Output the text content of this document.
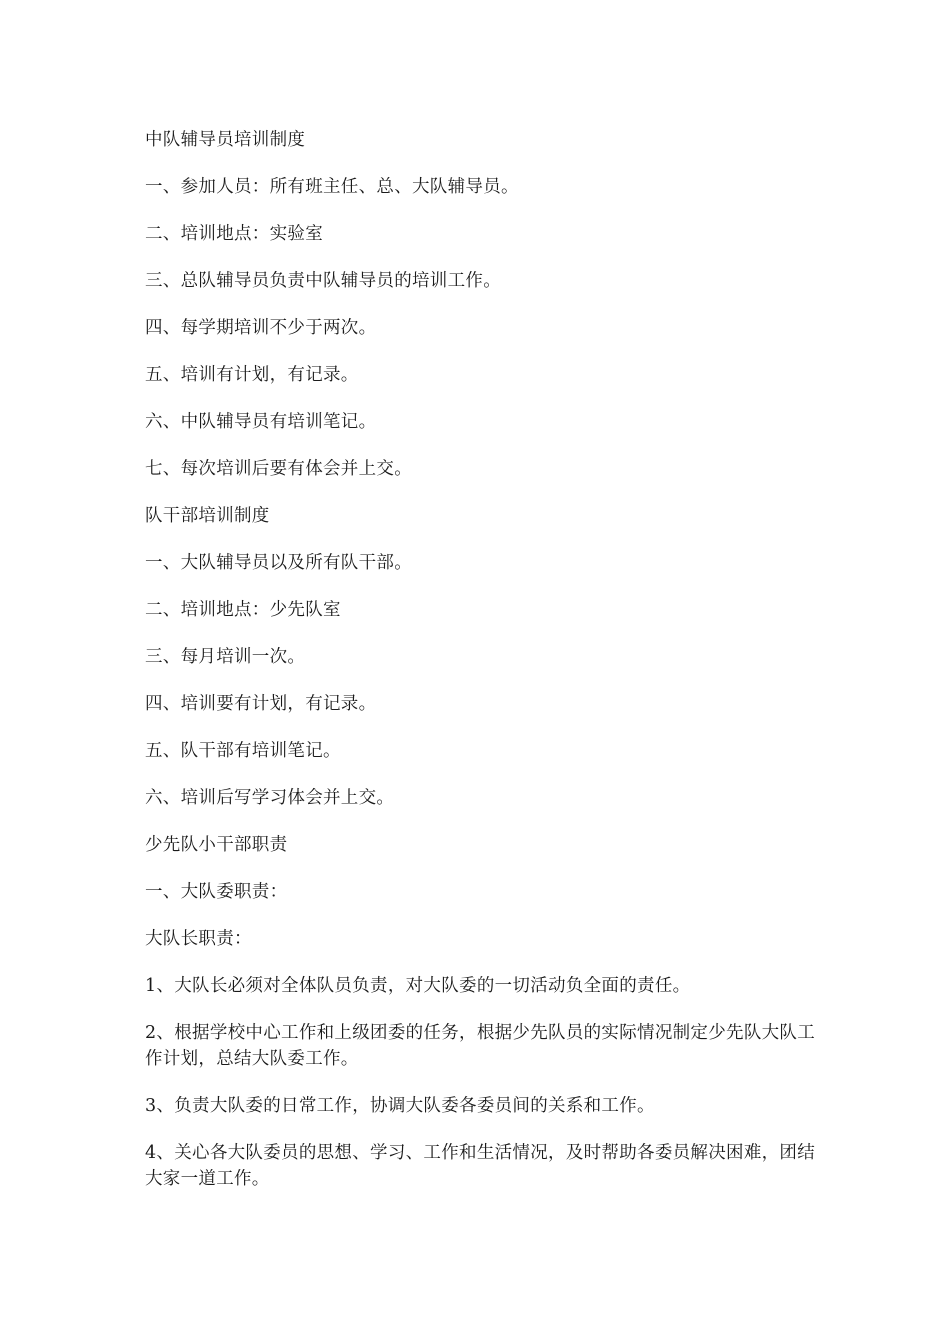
中队辅导员培训制度

一、参加人员：所有班主任、总、大队辅导员。

二、培训地点：实验室

三、总队辅导员负责中队辅导员的培训工作。

四、每学期培训不少于两次。

五、培训有计划，有记录。

六、中队辅导员有培训笔记。

七、每次培训后要有体会并上交。

队干部培训制度

一、大队辅导员以及所有队干部。

二、培训地点：少先队室

三、每月培训一次。

四、培训要有计划，有记录。

五、队干部有培训笔记。

六、培训后写学习体会并上交。

少先队小干部职责

一、大队委职责：

大队长职责：

1、大队长必须对全体队员负责，对大队委的一切活动负全面的责任。

2、根据学校中心工作和上级团委的任务，根据少先队员的实际情况制定少先队大队工作计划，总结大队委工作。

3、负责大队委的日常工作，协调大队委各委员间的关系和工作。

4、关心各大队委员的思想、学习、工作和生活情况，及时帮助各委员解决困难，团结大家一道工作。
